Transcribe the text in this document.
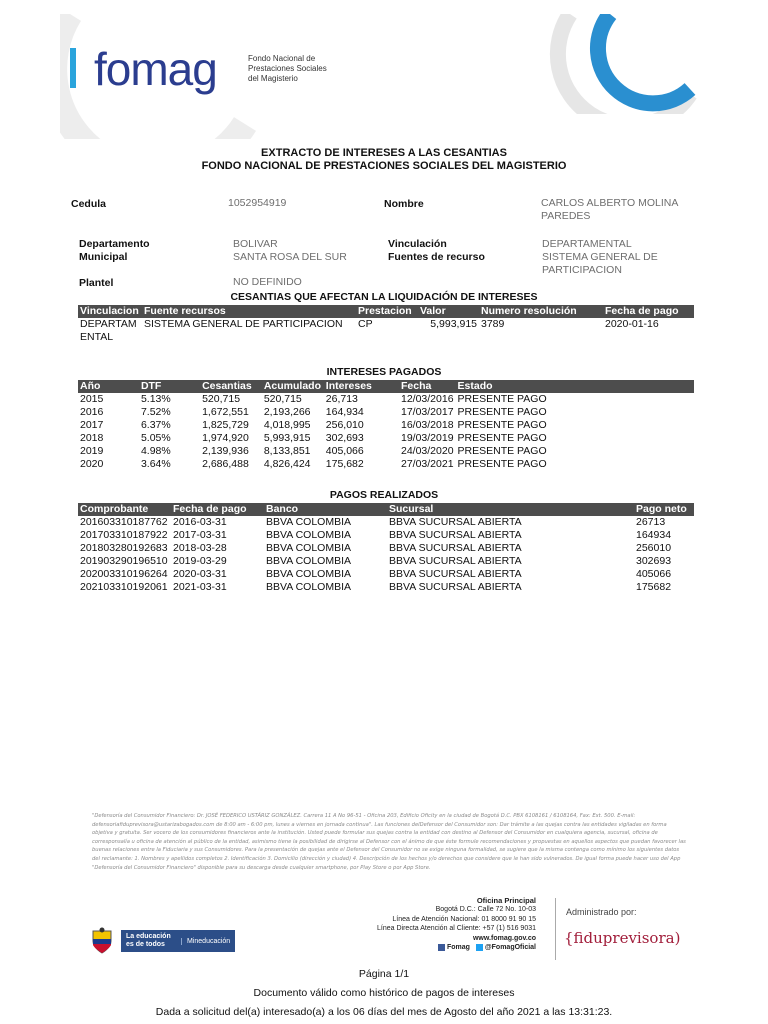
fomag	Fondo Nacional de
Prestaciones Sociales
del Magisterio
EXTRACTO DE INTERESES A LAS CESANTIAS
FONDO NACIONAL DE PRESTACIONES SOCIALES DEL MAGISTERIO
Cedula	1052954919	Nombre	CARLOS ALBERTO MOLINA
PAREDES
Departamento	BOLIVAR
Municipal	SANTA ROSA DEL SUR
Vinculación	DEPARTAMENTAL
Fuentes de recurso	SISTEMA GENERAL DE
PARTICIPACION
Plantel	NO DEFINIDO
CESANTIAS QUE AFECTAN LA LIQUIDACIÓN DE INTERESES
Vinculacion	Fuente recursos	Prestacion	Valor	Numero resolución	Fecha de pago
DEPARTAM	SISTEMA GENERAL DE PARTICIPACION	CP	5,993,915	3789	2020-01-16
ENTAL					
INTERESES PAGADOS
Año	DTF	Cesantias	Acumulado	Intereses	Fecha	Estado
2015	5.13%	520,715	520,715	26,713	12/03/2016	PRESENTE PAGO
2016	7.52%	1,672,551	2,193,266	164,934	17/03/2017	PRESENTE PAGO
2017	6.37%	1,825,729	4,018,995	256,010	16/03/2018	PRESENTE PAGO
2018	5.05%	1,974,920	5,993,915	302,693	19/03/2019	PRESENTE PAGO
2019	4.98%	2,139,936	8,133,851	405,066	24/03/2020	PRESENTE PAGO
2020	3.64%	2,686,488	4,826,424	175,682	27/03/2021	PRESENTE PAGO
PAGOS REALIZADOS
Comprobante	Fecha de pago	Banco	Sucursal	Pago neto
201603310187762	2016-03-31	BBVA COLOMBIA	BBVA SUCURSAL ABIERTA	26713
201703310187922	2017-03-31	BBVA COLOMBIA	BBVA SUCURSAL ABIERTA	164934
201803280192683	2018-03-28	BBVA COLOMBIA	BBVA SUCURSAL ABIERTA	256010
201903290196510	2019-03-29	BBVA COLOMBIA	BBVA SUCURSAL ABIERTA	302693
202003310196264	2020-03-31	BBVA COLOMBIA	BBVA SUCURSAL ABIERTA	405066
202103310192061	2021-03-31	BBVA COLOMBIA	BBVA SUCURSAL ABIERTA	175682
"Defensoría del Consumidor Financiero: Dr. JOSÉ FEDERICO USTÁRIZ GONZÁLEZ. Carrera 11 A No 96-51 - Oficina 203, Edificio Oficity en la ciudad de Bogotá D.C. PBX 6108161 / 6108164, Fax: Ext. 500. E-mail: defensoriafiduprevisora@ustarizabogados.com de 8:00 am - 6:00 pm, lunes a viernes en jornada continua". Las funciones delDefensor del Consumidor son: Dar trámite a las quejas contra las entidades vigiladas en forma objetiva y gratuita. Ser vocero de los consumidores financieros ante la institución. Usted puede formular sus quejas contra la entidad con destino al Defensor del Consumidor en cualquiera agencia, sucursal, oficina de corresponsalía u oficina de atención al público de la entidad, asimismo tiene la posibilidad de dirigirse al Defensor con el ánimo de que éste formule recomendaciones y propuestas en aquellos aspectos que puedan favorecer las buenas relaciones entre la Fiduciaria y sus Consumidores. Para la presentación de quejas ante el Defensor del Consumidor no se exige ninguna formalidad, se sugiere que la misma contenga como mínimo los siguientes datos del reclamante: 1. Nombres y apellidos completos 2. Identificación 3. Domicilio (dirección y ciudad) 4. Descripción de los hechos y/o derechos que considere que le han sido vulnerados. De igual forma puede hacer uso del App "Defensoría del Consumidor Financiero" disponible para su descarga desde cualquier smartphone, por Play Store o por App Store.
La educación es de todos	Mineducación
Oficina Principal
Bogotá D.C.: Calle 72 No. 10-03
Línea de Atención Nacional: 01 8000 91 90 15
Línea Directa Atención al Cliente: +57 (1) 516 9031
www.fomag.gov.co
Fomag @FomagOficial
Administrado por:
{fiduprevisora)
Página 1/1
Documento válido como histórico de pagos de intereses
Dada a solicitud del(a) interesado(a) a los 06 días del mes de Agosto del año 2021 a las 13:31:23.
